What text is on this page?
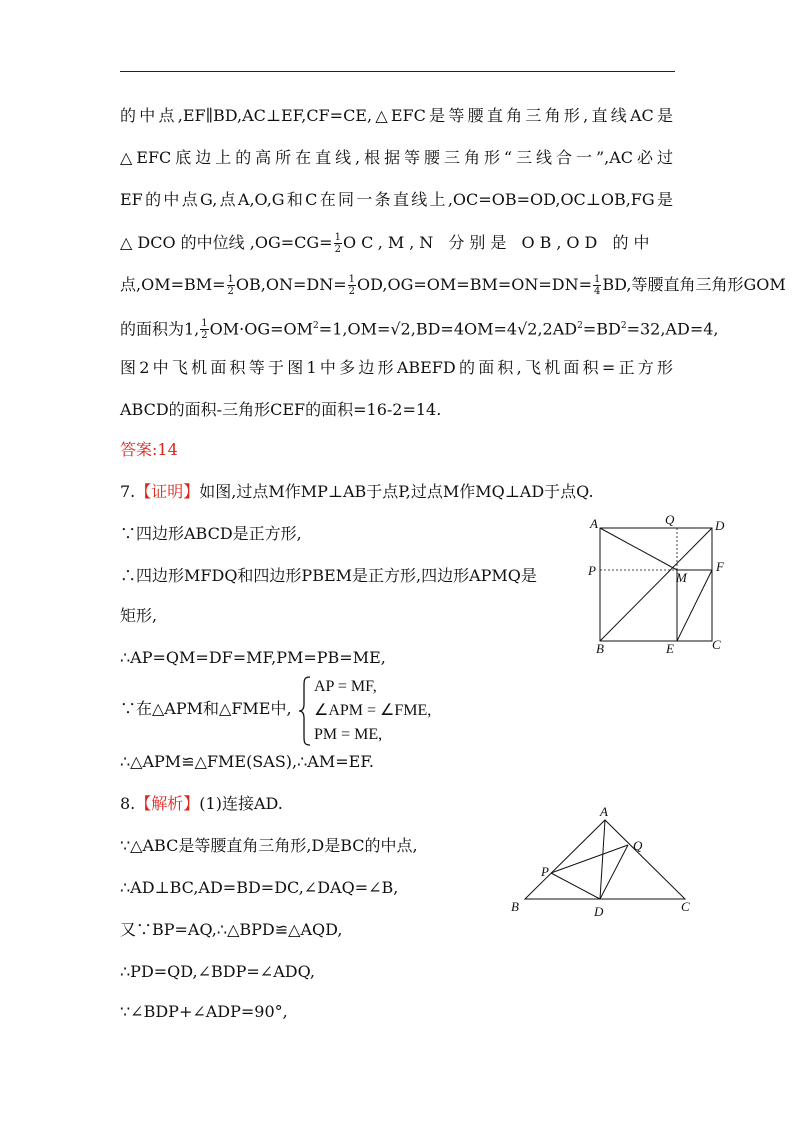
的中点,EF∥BD,AC⊥EF,CF=CE,△EFC是等腰直角三角形,直线AC是
△EFC底边上的高所在直线,根据等腰三角形“三线合一”,AC必过
EF的中点G,点A,O,G和C在同一条直线上,OC=OB=OD,OC⊥OB,FG是
△ DCO 的中位线 $,OG=CG= \frac{1}{2} OC,M,N$ 分别是 OB,OD 的中
点$,OM=BM= \frac{1}{2} OB,ON=DN= \frac{1}{2} OD,OG=OM=BM=ON=DN= \frac{1}{4}$ BD,等腰直角三角形GOM
的面积为1, $\frac{1}{2} OM\cdot OG=OM^2=1,OM=√2,BD=4OM=4√2,2AD^2=BD^2=32,AD=4$,
图2中飞机面积等于图1中多边形ABEFD的面积,飞机面积=正方形
ABCD的面积-三角形CEF的面积=16-2=14.
答案:14
7.【证明】如图,过点M作MP⊥AB于点P,过点M作MQ⊥AD于点Q.
∵四边形ABCD是正方形,
∴四边形MFDQ和四边形PBEM是正方形,四边形APMQ是
矩形,
∴AP=QM=DF=MF,PM=PB=ME,
∵在△APM和△FME中,
AP = MF,
∠APM = ∠FME,
PM = ME,
∴△APM≌△FME(SAS),∴AM=EF.
8.【解析】(1)连接AD.
∵△ABC是等腰直角三角形,D是BC的中点,
∴AD⊥BC,AD=BD=DC,∠DAQ=∠B,
又∵BP=AQ,∴△BPD≌△AQD,
∴PD=QD,∠BDP=∠ADQ,
∵∠BDP+∠ADP=90°,
A	Q	D
P	M
F
B	E	C
A
Q
P
B	D	C
